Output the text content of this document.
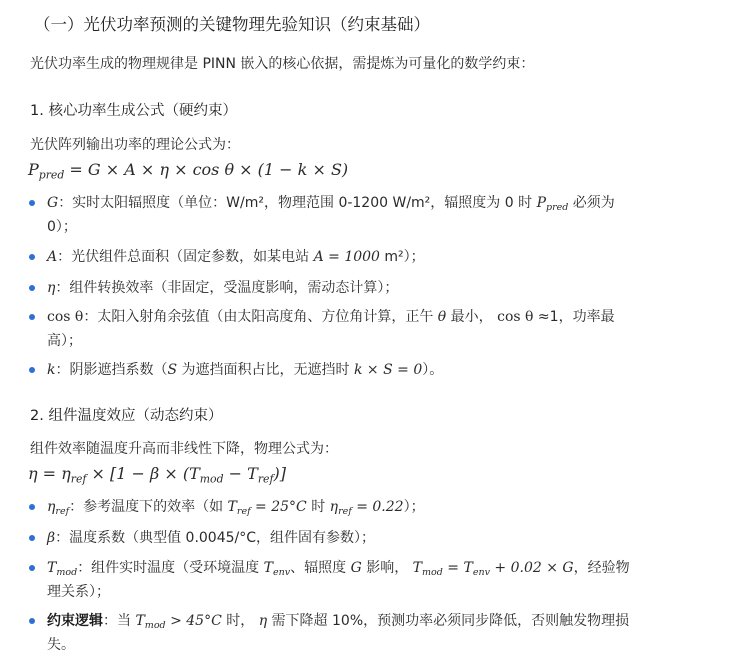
（一）光伏功率预测的关键物理先验知识（约束基础）
光伏功率生成的物理规律是 PINN 嵌入的核心依据，需提炼为可量化的数学约束：
1. 核心功率生成公式（硬约束）
光伏阵列输出功率的理论公式为：
$P_{pred} = G \times A \times \eta \times \cos \theta \times (1 - k \times S)$
G：实时太阳辐照度（单位：W/m²，物理范围 0-1200 W/m²，辐照度为 0 时 $P_{pred}$ 必须为
0）；
A：光伏组件总面积（固定参数，如某电站 A = 1000 m²）；
η：组件转换效率（非固定，受温度影响，需动态计算）；
cos θ：太阳入射角余弦值（由太阳高度角、方位角计算，正午 θ 最小， cos θ ≈1，功率最
高）；
k：阴影遮挡系数（S 为遮挡面积占比，无遮挡时 k × S = 0）。
2. 组件温度效应（动态约束）
组件效率随温度升高而非线性下降，物理公式为：
$\eta = \eta_{ref} \times [1 - \beta \times (T_{mod} - T_{ref})]$
$\eta_{ref}$：参考温度下的效率（如 $T_{ref} = 25^\circ C$ 时 $\eta_{ref} = 0.22$）；
β：温度系数（典型值 0.0045/°C，组件固有参数）；
$T_{mod}$：组件实时温度（受环境温度 $T_{env}$、辐照度 G 影响， $T_{mod} = T_{env} + 0.02 \times G$，经验物
理关系）；
约束逻辑：当 $T_{mod} > 45^\circ C$ 时， η 需下降超 10%，预测功率必须同步降低，否则触发物理损
失。
